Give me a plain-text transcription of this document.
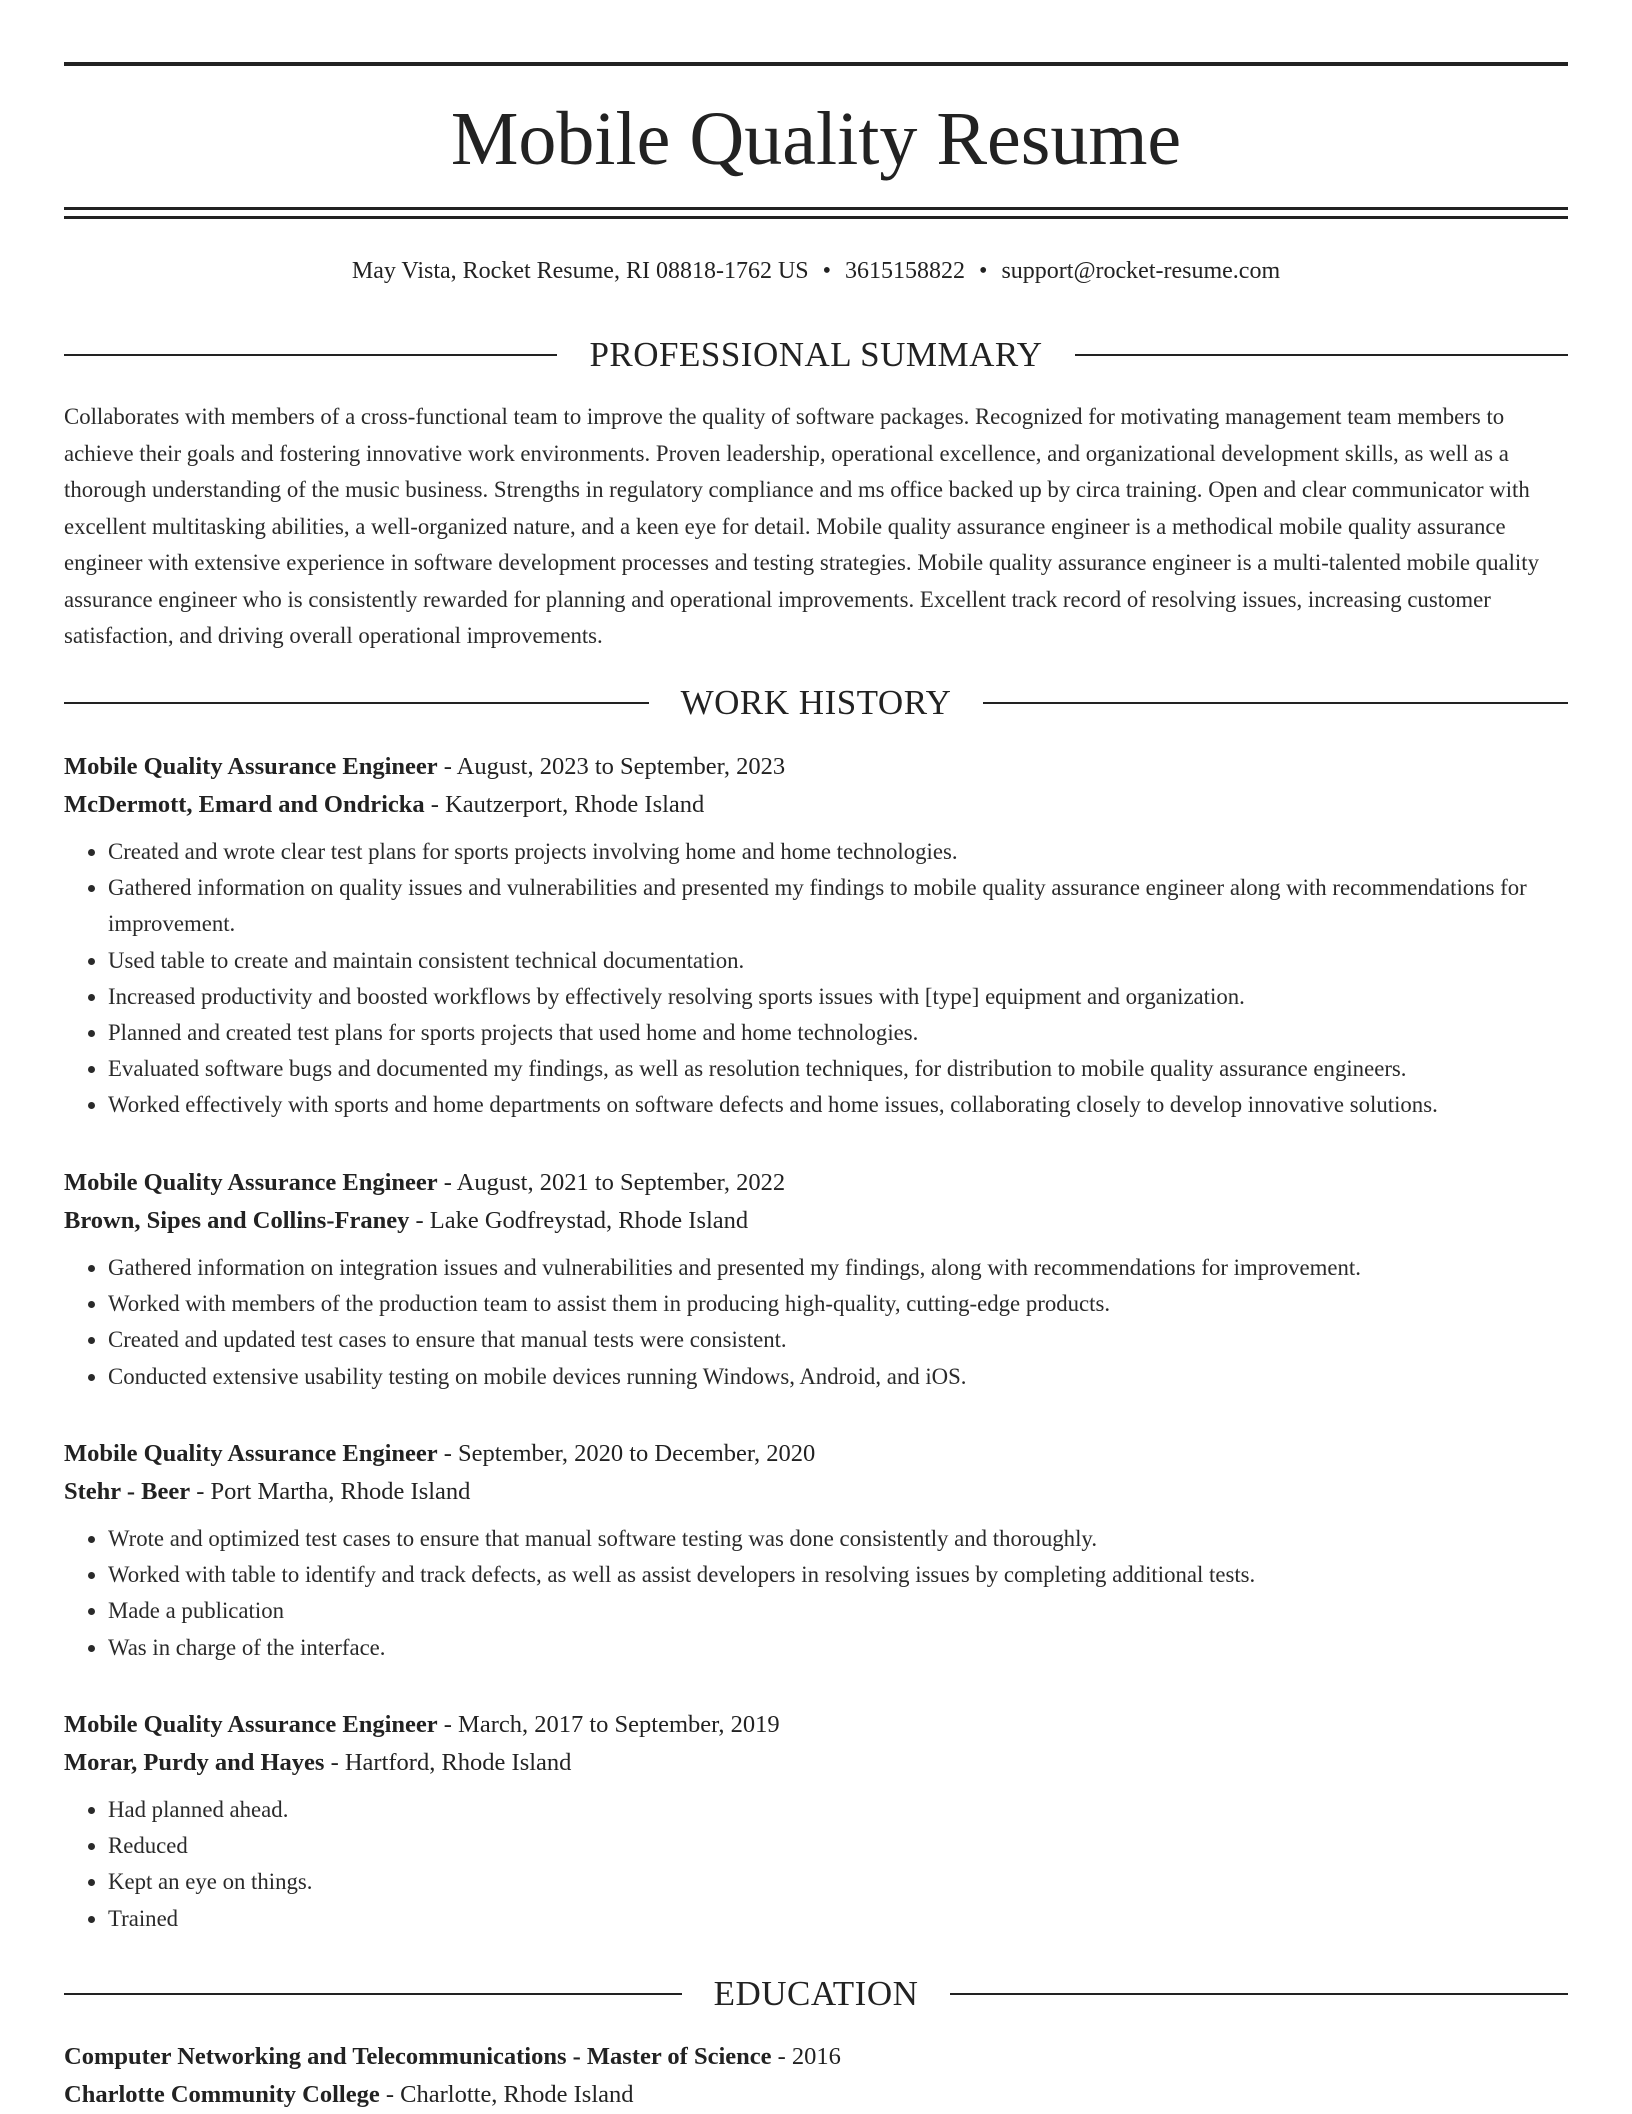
Mobile Quality Resume
May Vista, Rocket Resume, RI 08818-1762 US • 3615158822 • support@rocket-resume.com
PROFESSIONAL SUMMARY

Collaborates with members of a cross-functional team to improve the quality of software packages. Recognized for motivating management team members to achieve their goals and fostering innovative work environments. Proven leadership, operational excellence, and organizational development skills, as well as a thorough understanding of the music business. Strengths in regulatory compliance and ms office backed up by circa training. Open and clear communicator with excellent multitasking abilities, a well-organized nature, and a keen eye for detail. Mobile quality assurance engineer is a methodical mobile quality assurance engineer with extensive experience in software development processes and testing strategies. Mobile quality assurance engineer is a multi-talented mobile quality assurance engineer who is consistently rewarded for planning and operational improvements. Excellent track record of resolving issues, increasing customer satisfaction, and driving overall operational improvements.

WORK HISTORY
Mobile Quality Assurance Engineer - August, 2023 to September, 2023
McDermott, Emard and Ondricka - Kautzerport, Rhode Island
• Created and wrote clear test plans for sports projects involving home and home technologies.
• Gathered information on quality issues and vulnerabilities and presented my findings to mobile quality assurance engineer along with recommendations for improvement.
• Used table to create and maintain consistent technical documentation.
• Increased productivity and boosted workflows by effectively resolving sports issues with [type] equipment and organization.
• Planned and created test plans for sports projects that used home and home technologies.
• Evaluated software bugs and documented my findings, as well as resolution techniques, for distribution to mobile quality assurance engineers.
• Worked effectively with sports and home departments on software defects and home issues, collaborating closely to develop innovative solutions.
Mobile Quality Assurance Engineer - August, 2021 to September, 2022
Brown, Sipes and Collins-Franey - Lake Godfreystad, Rhode Island
• Gathered information on integration issues and vulnerabilities and presented my findings, along with recommendations for improvement.
• Worked with members of the production team to assist them in producing high-quality, cutting-edge products.
• Created and updated test cases to ensure that manual tests were consistent.
• Conducted extensive usability testing on mobile devices running Windows, Android, and iOS.
Mobile Quality Assurance Engineer - September, 2020 to December, 2020
Stehr - Beer - Port Martha, Rhode Island
• Wrote and optimized test cases to ensure that manual software testing was done consistently and thoroughly.
• Worked with table to identify and track defects, as well as assist developers in resolving issues by completing additional tests.
• Made a publication
• Was in charge of the interface.
Mobile Quality Assurance Engineer - March, 2017 to September, 2019
Morar, Purdy and Hayes - Hartford, Rhode Island
• Had planned ahead.
• Reduced
• Kept an eye on things.
• Trained
EDUCATION
Computer Networking and Telecommunications - Master of Science - 2016
Charlotte Community College - Charlotte, Rhode Island
